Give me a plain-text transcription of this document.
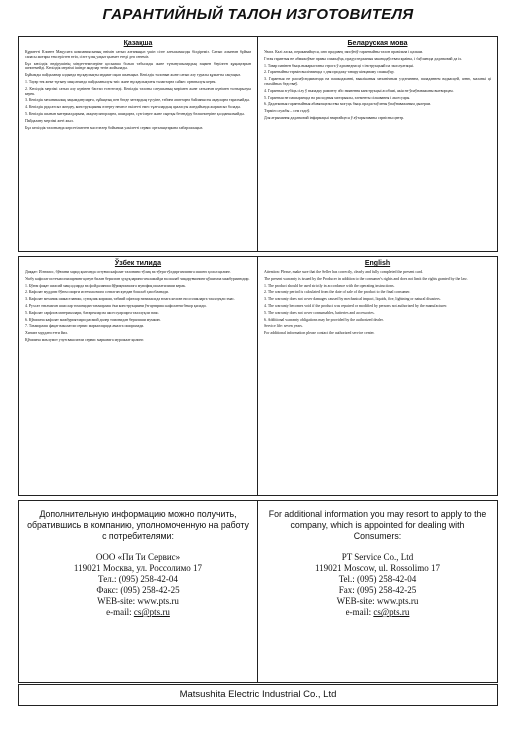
ГАРАНТИЙНЫЙ ТАЛОН ИЗГОТОВИТЕЛЯ
Қазақша

Құрметті Клиент Мацусита компаниясының өнімін сатып алғаныңыз үшін сізге алғысымызды білдіреміз. Сатып алынған бұйым сапасы жоғары тексерістен өтіп, сізге ұзақ уақыт қызмет етеді деп сенеміз.

Бұл кепілдік өндірушінің міндеттемелеріне қосымша болып табылады және тұтынушылардың заңмен берілген құқықтарын шектемейді. Кепілдік мерзімі ішінде ақаулар тегін жойылады.

Бұйымды пайдаланар алдында нұсқаулықты мұқият оқып шығыңыз. Кепілдік талонын және сатып алу туралы құжатты сақтаңыз.

1. Тауар тек жеке тұтыну мақсатында пайдаланылуы тиіс және нұсқаулықтағы талаптарға сәйкес орнатылуы керек.

2. Кепілдік мерзімі сатып алу күнінен бастап есептеледі. Кепілдік талоны сатушының мөрімен және сатылған күнімен толтырылуы керек.

3. Кепілдік механикалық зақымдануларға, сұйықтық пен бөгде заттардың түсуіне, табиғи апаттарға байланысты ақауларға таралмайды.

4. Кепілдік рұқсатсыз жөндеу, конструкцияны өзгерту немесе өкілетті емес тұлғалардың араласуы жағдайында жарамсыз болады.

5. Кепілдік шығын материалдарына, аккумуляторларға, шамдарға, сүзгілерге және сыртқы безендіру бөлшектеріне қолданылмайды.

Пайдалану мерзімі жеті жыл.

Бұл кепілдік талонында көрсетілмеген мәселелер бойынша уәкілетті сервис орталықтарына хабарласыңыз.

Беларуская мова

Увага. Калі ласка, пераканайцеся, што прадавец запоўніў гарантыйны талон правільна і цалкам.

Гэтая гарантыя не абмяжоўвае правы спажыўца, прадугледжаныя заканадаўствам краіны, і з'яўляецца дадатковай да іх.

1. Тавар павінен быць выкарыстаны строга ў адпаведнасці з інструкцыяй па эксплуатацыі.

2. Гарантыйны тэрмін вылічваецца з дня продажу тавару кінцаваму спажыўцу.

3. Гарантыя не распаўсюджваецца на пашкоджанні, выкліканыя механічным уздзеяннем, пападаннем вадкасцей, агню, маланкі ці стыхійных бедстваў.

4. Гарантыя згубіць сілу ў выпадку рамонту або змянення канструкцыі асобамі, якія не ўпаўнаважаны вытворцам.

5. Гарантыя не пашыраецца на расходныя матэрыялы, элементы сілкавання і аксесуары.

6. Дадатковыя гарантыйныя абавязацельствы могуць быць прадастаўлены ўпаўнаважаным дылерам.

Тэрмін службы – сем гадоў.

Для атрымання дадатковай інфармацыі звяртайцеся ў аўтарызаваны сэрвісны цэнтр.

Ўзбек тилида

Диққат: Илтимос, бўюмни харид қилганда сотувчи кафолат талонини тўлиқ ва тўғри тўлдирганлигига ишонч ҳосил қилинг.

Ушбу кафолат истеъмолчиларнинг қонун билан берилган ҳуқуқларини чекламайди ва ишлаб чиқарувчининг қўшимча мажбуриятидир.

1. Бўюм фақат шахсий мақсадларда ва фойдаланиш йўриқномасига мувофиқ ишлатилиши керак.

2. Кафолат муддати бўюм охирги истеъмолчига сотилган кундан бошлаб ҳисобланади.

3. Кафолат механик шикастланиш, суюқлик кириши, табиий офатлар натижасида юзага келган носозликларга тааллуқли эмас.

4. Рухсат этилмаган шахслар томонидан таъмирлаш ёки конструкцияни ўзгартириш кафолатни бекор қилади.

5. Кафолат сарфлов материаллари, батареялар ва аксессуарларга тааллуқли эмас.

6. Қўшимча кафолат мажбуриятлари расмий дилер томонидан берилиши мумкин.

7. Таъмирлаш фақат ваколатли сервис марказларида амалга оширилади.

Хизмат муддати етти йил.

Қўшимча маълумот учун ваколатли сервис марказига мурожаат қилинг.

English

Attention: Please, make sure that the Seller has correctly, clearly and fully completed the present card.

The present warranty is issued by the Producer in addition to the consumer's rights and does not limit the rights granted by the law.

1. The product should be used strictly in accordance with the operating instructions.

2. The warranty period is calculated from the date of sale of the product to the final consumer.

3. The warranty does not cover damages caused by mechanical impact, liquids, fire, lightning or natural disasters.

4. The warranty becomes void if the product was repaired or modified by persons not authorized by the manufacturer.

5. The warranty does not cover consumables, batteries and accessories.

6. Additional warranty obligations may be provided by the authorized dealer.

Service life: seven years.

For additional information please contact the authorized service center.

Дополнительную информацию можно получить, обратившись в компанию, уполномоченную на работу с потребителями:
ООО «Пи Ти Сервис»
119021 Москва, ул. Россолимо 17
Тел.: (095) 258-42-04
Факс: (095) 258-42-25
WEB-site: www.pts.ru
e-mail: cs@pts.ru
For additional information you may resort to apply to the company, which is appointed for dealing with Consumers:
PT Service Co., Ltd
119021 Moscow, ul. Rossolimo 17
Tel.: (095) 258-42-04
Fax: (095) 258-42-25
WEB-site: www.pts.ru
e-mail: cs@pts.ru
Matsushita Electric Industrial Co., Ltd
